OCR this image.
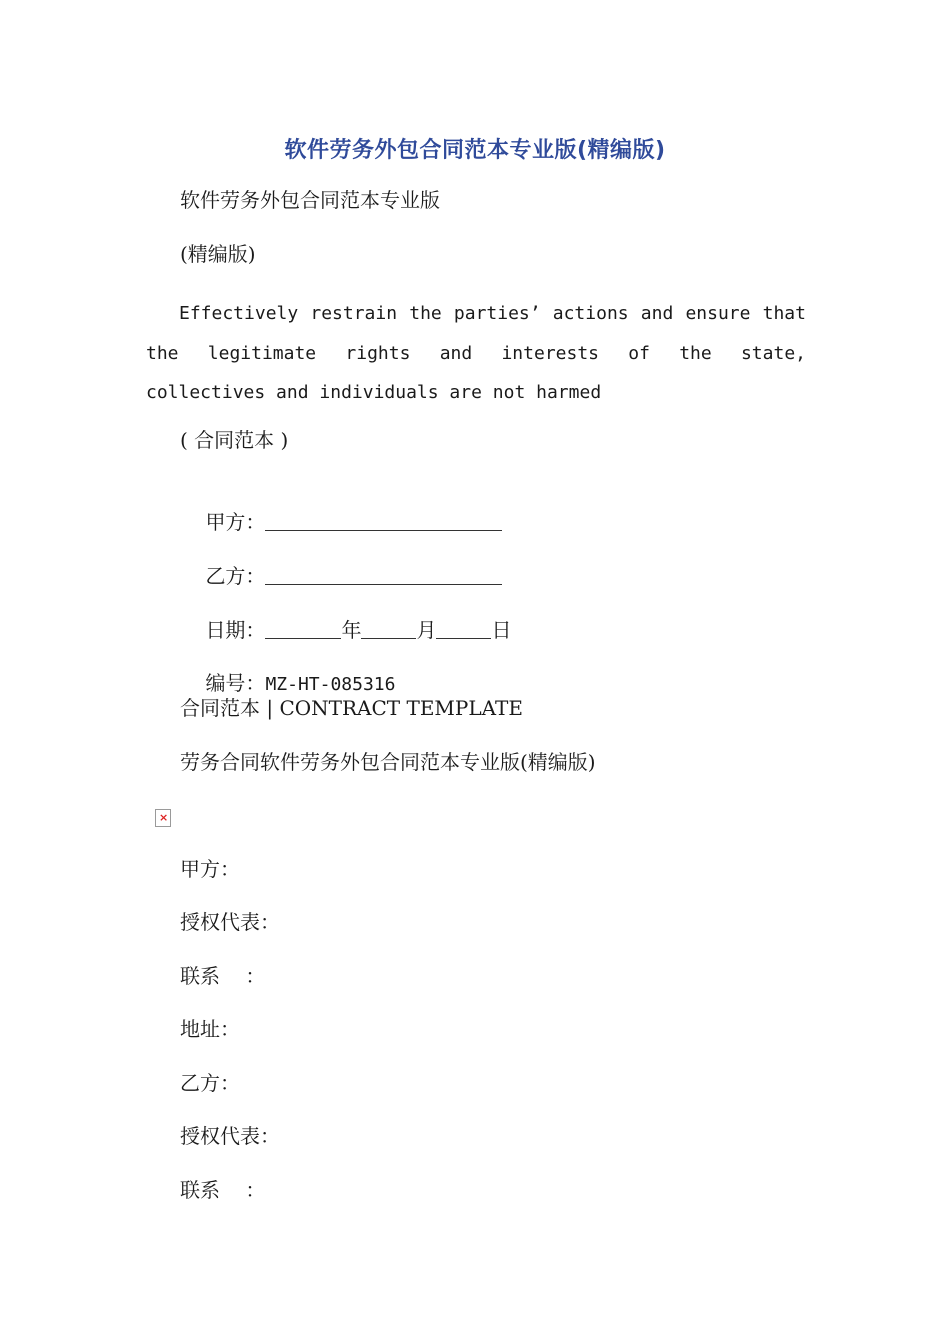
软件劳务外包合同范本专业版(精编版)
软件劳务外包合同范本专业版
(精编版)
Effectively restrain the parties’ actions and ensure that the legitimate rights and interests of the state, collectives and individuals are not harmed
( 合同范本 )

甲方：

乙方：

日期：	年	月	日

编号：MZ-HT-085316

合同范本 | CONTRACT TEMPLATE
劳务合同软件劳务外包合同范本专业版(精编版)
×
甲方：
授权代表：
联系    ：
地址：
乙方：
授权代表：
联系    ：
